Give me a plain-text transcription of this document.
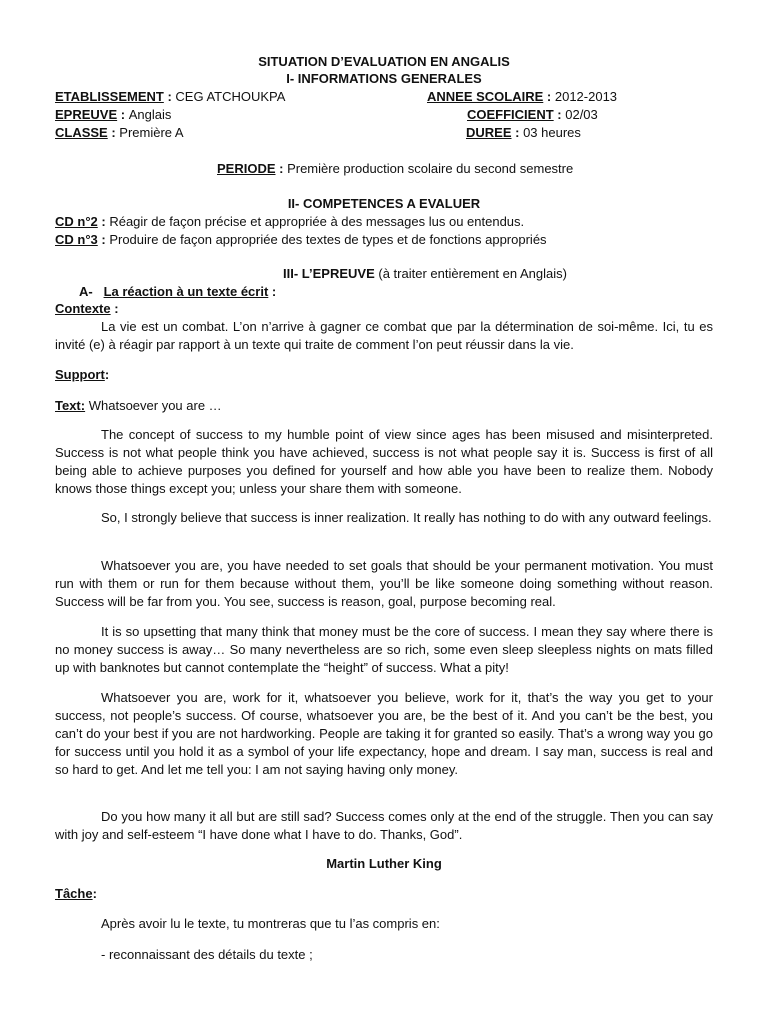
SITUATION D’EVALUATION EN ANGALIS
I- INFORMATIONS GENERALES
ETABLISSEMENT : CEG ATCHOUKPA	ANNEE SCOLAIRE : 2012-2013
EPREUVE : Anglais	COEFFICIENT : 02/03
CLASSE : Première A	DUREE : 03 heures
PERIODE : Première production scolaire du second semestre
II- COMPETENCES A EVALUER
CD n°2 : Réagir de façon précise et appropriée à des messages lus ou entendus.
CD n°3 : Produire de façon appropriée des textes de types et de fonctions appropriés
III- L’EPREUVE (à traiter entièrement en Anglais)
A- La réaction à un texte écrit :
Contexte :

La vie est un combat. L’on n’arrive à gagner ce combat que par la détermination de soi-même. Ici, tu es invité (e) à réagir par rapport à un texte qui traite de comment l’on peut réussir dans la vie.

Support:
Text: Whatsoever you are …

The concept of success to my humble point of view since ages has been misused and misinterpreted. Success is not what people think you have achieved, success is not what people say it is. Success is first of all being able to achieve purposes you defined for yourself and how able you have been to realize them. Nobody knows those things except you; unless your share them with someone.

So, I strongly believe that success is inner realization. It really has nothing to do with any outward feelings.

Whatsoever you are, you have needed to set goals that should be your permanent motivation. You must run with them or run for them because without them, you’ll be like someone doing something without reason. Success will be far from you. You see, success is reason, goal, purpose becoming real.

It is so upsetting that many think that money must be the core of success. I mean they say where there is no money success is away… So many nevertheless are so rich, some even sleep sleepless nights on mats filled up with banknotes but cannot contemplate the “height” of success. What a pity!

Whatsoever you are, work for it, whatsoever you believe, work for it, that’s the way you get to your success, not people’s success. Of course, whatsoever you are, be the best of it. And you can’t be the best, you can’t do your best if you are not hardworking. People are taking it for granted so easily. That’s a wrong way you go for success until you hold it as a symbol of your life expectancy, hope and dream. I say man, success is real and so hard to get. And let me tell you: I am not saying having only money.

Do you how many it all but are still sad? Success comes only at the end of the struggle. Then you can say with joy and self-esteem “I have done what I have to do. Thanks, God”.

Martin Luther King
Tâche:
Après avoir lu le texte, tu montreras que tu l’as compris en:
- reconnaissant des détails du texte ;
